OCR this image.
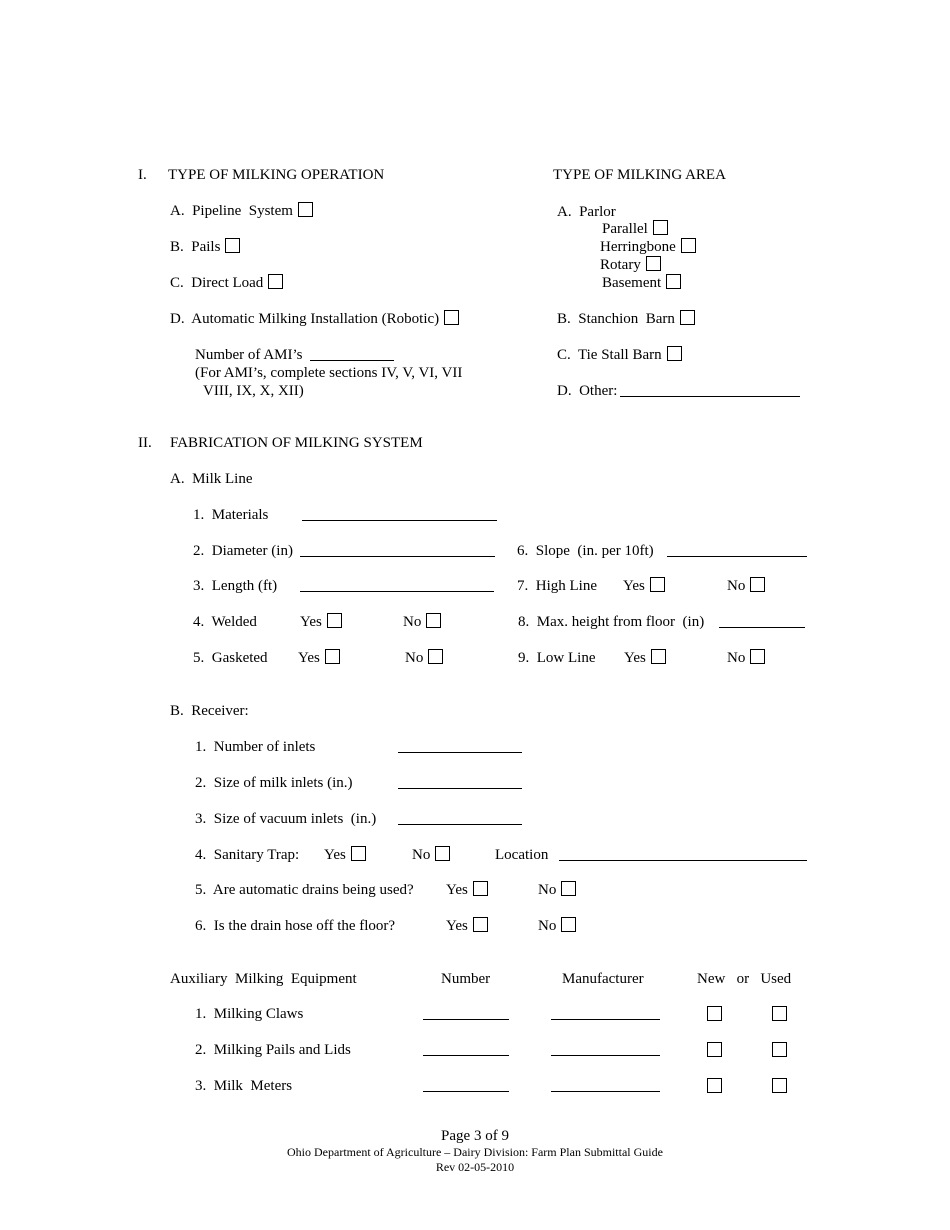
I. TYPE OF MILKING OPERATION
A.  Pipeline  System
B.  Pails
C.  Direct Load
D.  Automatic Milking Installation (Robotic)
Number of AMI’s
(For AMI’s, complete sections IV, V, VI, VII
VIII, IX, X, XII)
TYPE OF MILKING AREA
A.  Parlor
Parallel
Herringbone
Rotary
Basement
B.  Stanchion  Barn
C.  Tie Stall Barn
D.  Other:
II. FABRICATION OF MILKING SYSTEM
A.  Milk Line
1.  Materials
2.  Diameter (in)	6.  Slope  (in. per 10ft)
3.  Length (ft)	7.  High Line Yes	No
4.  Welded	Yes	No	8.  Max. height from floor  (in)
5.  Gasketed Yes	No	9.  Low Line Yes	No
B.  Receiver:
1.  Number of inlets
2.  Size of milk inlets (in.)
3.  Size of vacuum inlets  (in.)
4.  Sanitary Trap: Yes	No	Location
5.  Are automatic drains being used? Yes	No
6.  Is the drain hose off the floor?	Yes	No
Auxiliary  Milking  Equipment	Number	Manufacturer	New   or   Used
1.  Milking Claws
2.  Milking Pails and Lids
3.  Milk  Meters
Page 3 of 9
Ohio Department of Agriculture – Dairy Division: Farm Plan Submittal Guide
Rev 02-05-2010
